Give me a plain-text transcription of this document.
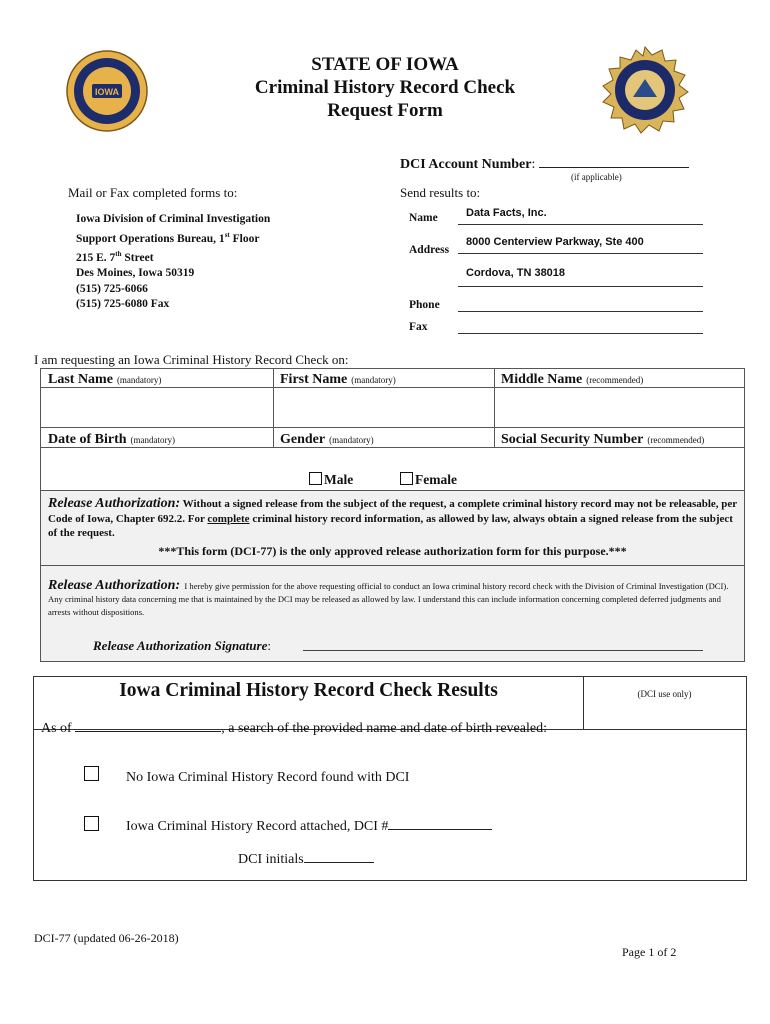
IOWA
STATE OF IOWA
Criminal History Record Check
Request Form
DCI Account Number:
(if applicable)
Mail or Fax completed forms to:
Iowa Division of Criminal Investigation
Support Operations Bureau, 1st Floor
215 E. 7th Street
Des Moines, Iowa 50319
(515) 725-6066
(515) 725-6080 Fax
Send results to:
Name	Data Facts, Inc.
Address
8000 Centerview Parkway, Ste 400
Cordova, TN 38018
Phone
Fax
I am requesting an Iowa Criminal History Record Check on:
Last Name (mandatory)	First Name (mandatory)	Middle Name (recommended)
Date of Birth (mandatory)	Gender (mandatory)	Social Security Number (recommended)
Male	Female
Release Authorization: Without a signed release from the subject of the request, a complete criminal history record may not be releasable, per Code of Iowa, Chapter 692.2. For complete criminal history record information, as allowed by law, always obtain a signed release from the subject of the request.
***This form (DCI-77) is the only approved release authorization form for this purpose.***
Release Authorization: I hereby give permission for the above requesting official to conduct an Iowa criminal history record check with the Division of Criminal Investigation (DCI). Any criminal history data concerning me that is maintained by the DCI may be released as allowed by law. I understand this can include information concerning completed deferred judgments and arrests without dispositions.
Release Authorization Signature:
Iowa Criminal History Record Check Results	(DCI use only)
As of	, a search of the provided name and date of birth revealed:
No Iowa Criminal History Record found with DCI
Iowa Criminal History Record attached, DCI #
DCI initials
DCI-77 (updated 06-26-2018)
Page 1 of 2
